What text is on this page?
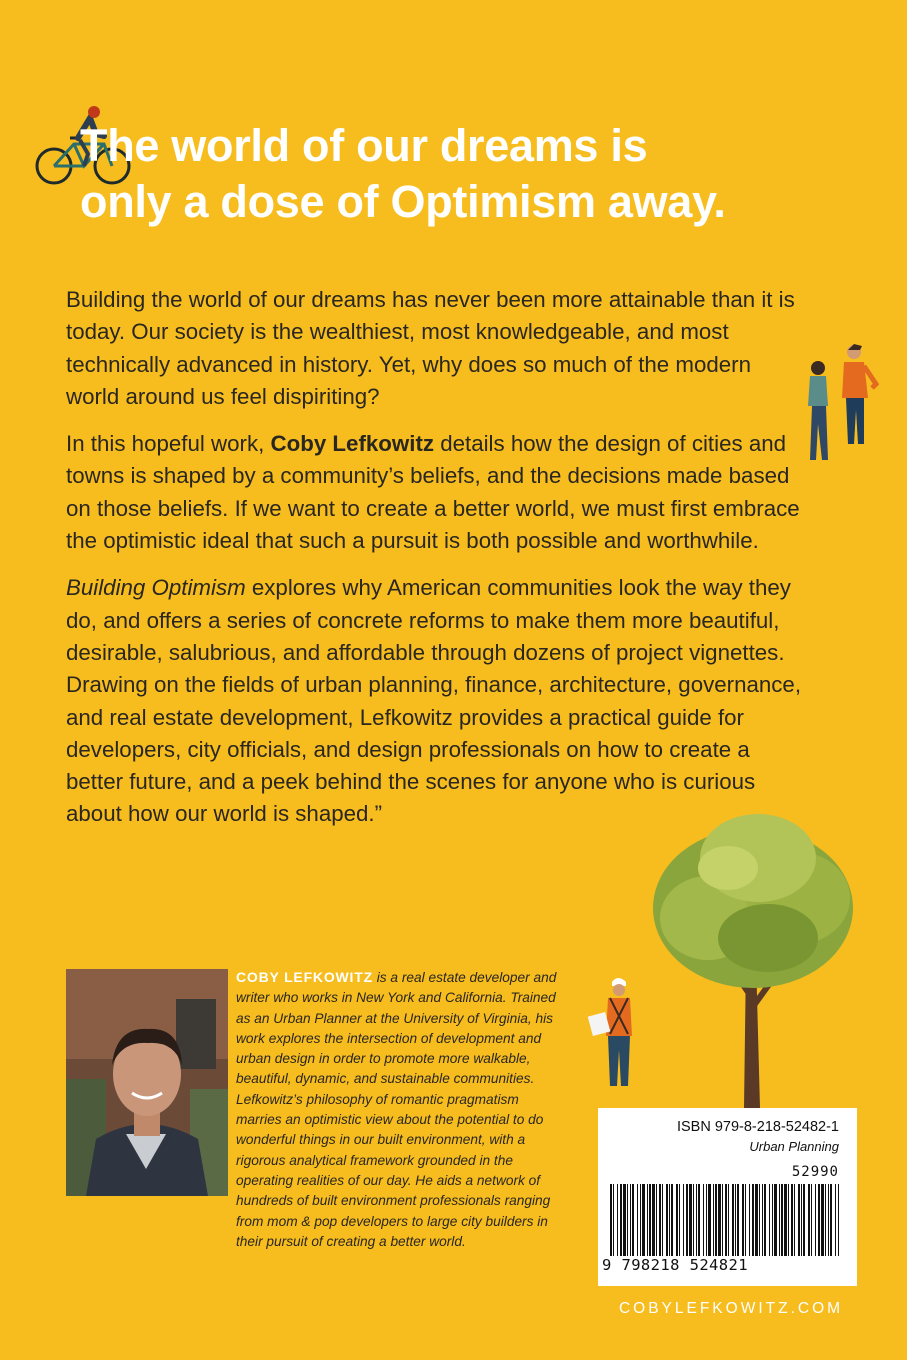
The world of our dreams is
only a dose of Optimism away.

Building the world of our dreams has never been more attainable than it is today. Our society is the wealthiest, most knowledgeable, and most technically advanced in history. Yet, why does so much of the modern world around us feel dispiriting?

In this hopeful work, Coby Lefkowitz details how the design of cities and towns is shaped by a community’s beliefs, and the decisions made based on those beliefs. If we want to create a better world, we must first embrace the optimistic ideal that such a pursuit is both possible and worthwhile.

Building Optimism explores why American communities look the way they do, and offers a series of concrete reforms to make them more beautiful, desirable, salubrious, and affordable through dozens of project vignettes. Drawing on the fields of urban planning, finance, architecture, governance, and real estate development, Lefkowitz provides a practical guide for developers, city officials, and design professionals on how to create a better future, and a peek behind the scenes for anyone who is curious about how our world is shaped.”

COBY LEFKOWITZ is a real estate developer and writer who works in New York and California. Trained as an Urban Planner at the University of Virginia, his work explores the intersection of development and urban design in order to promote more walkable, beautiful, dynamic, and sustainable communities. Lefkowitz’s philosophy of romantic pragmatism marries an optimistic view about the potential to do wonderful things in our built environment, with a rigorous analytical framework grounded in the operating realities of our day. He aids a network of hundreds of built environment professionals ranging from mom & pop developers to large city builders in their pursuit of creating a better world.
ISBN 979-8-218-52482-1
Urban Planning
52990
9 798218 524821
COBYLEFKOWITZ.COM
